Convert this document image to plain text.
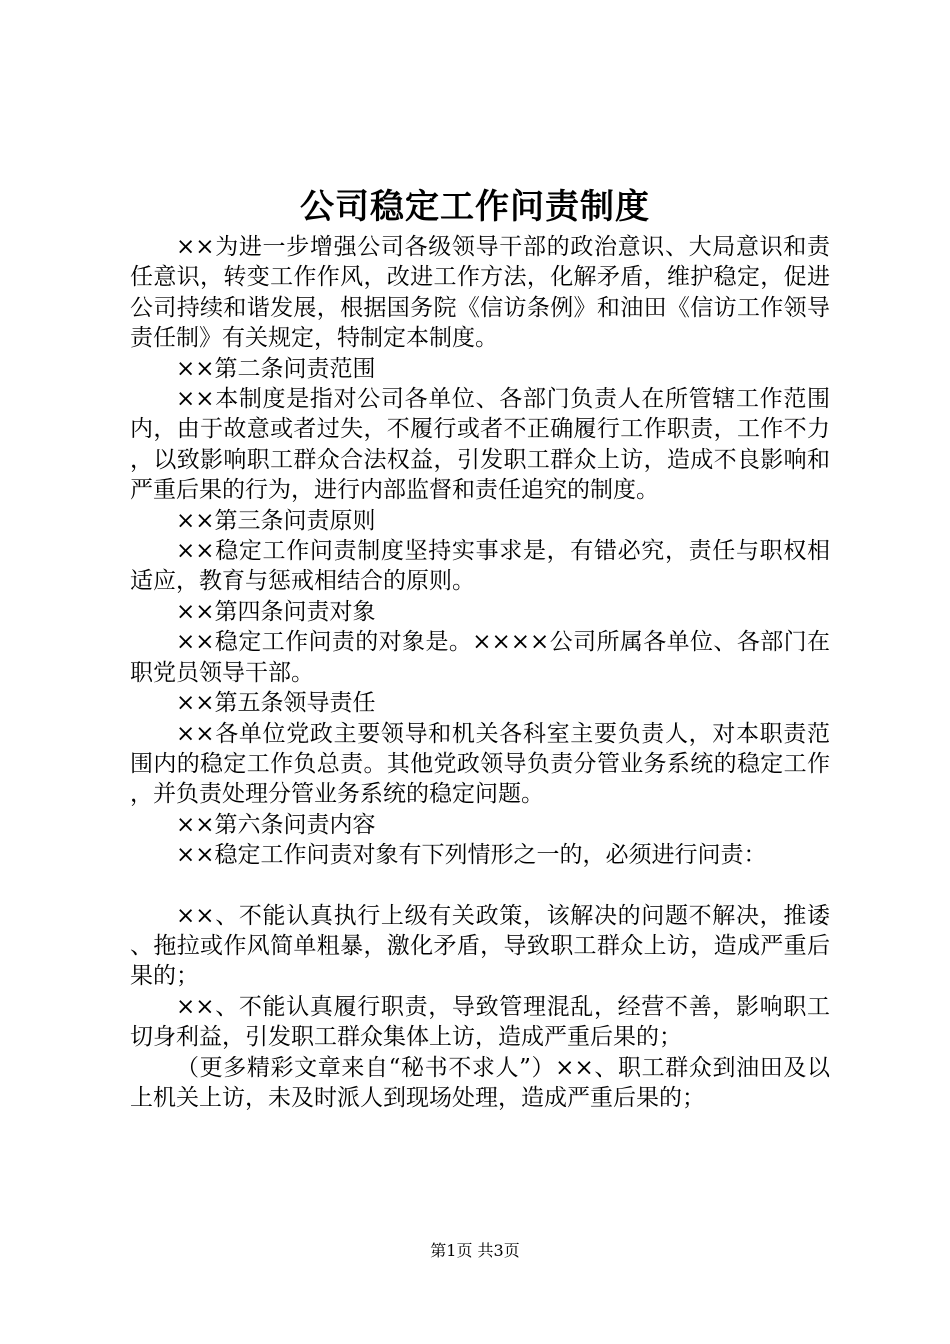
公司稳定工作问责制度

××为进一步增强公司各级领导干部的政治意识、大局意识和责任意识，转变工作作风，改进工作方法，化解矛盾，维护稳定，促进公司持续和谐发展，根据国务院《信访条例》和油田《信访工作领导责任制》有关规定，特制定本制度。

××第二条问责范围

××本制度是指对公司各单位、各部门负责人在所管辖工作范围内，由于故意或者过失，不履行或者不正确履行工作职责，工作不力，以致影响职工群众合法权益，引发职工群众上访，造成不良影响和严重后果的行为，进行内部监督和责任追究的制度。

××第三条问责原则

××稳定工作问责制度坚持实事求是，有错必究，责任与职权相适应，教育与惩戒相结合的原则。

××第四条问责对象

××稳定工作问责的对象是。××××公司所属各单位、各部门在职党员领导干部。

××第五条领导责任

××各单位党政主要领导和机关各科室主要负责人，对本职责范围内的稳定工作负总责。其他党政领导负责分管业务系统的稳定工作，并负责处理分管业务系统的稳定问题。

××第六条问责内容

××稳定工作问责对象有下列情形之一的，必须进行问责：

××、不能认真执行上级有关政策，该解决的问题不解决，推诿、拖拉或作风简单粗暴，激化矛盾，导致职工群众上访，造成严重后果的；

××、不能认真履行职责，导致管理混乱，经营不善，影响职工切身利益，引发职工群众集体上访，造成严重后果的；

（更多精彩文章来自“秘书不求人”）××、职工群众到油田及以上机关上访，未及时派人到现场处理，造成严重后果的；

第1页 共3页
